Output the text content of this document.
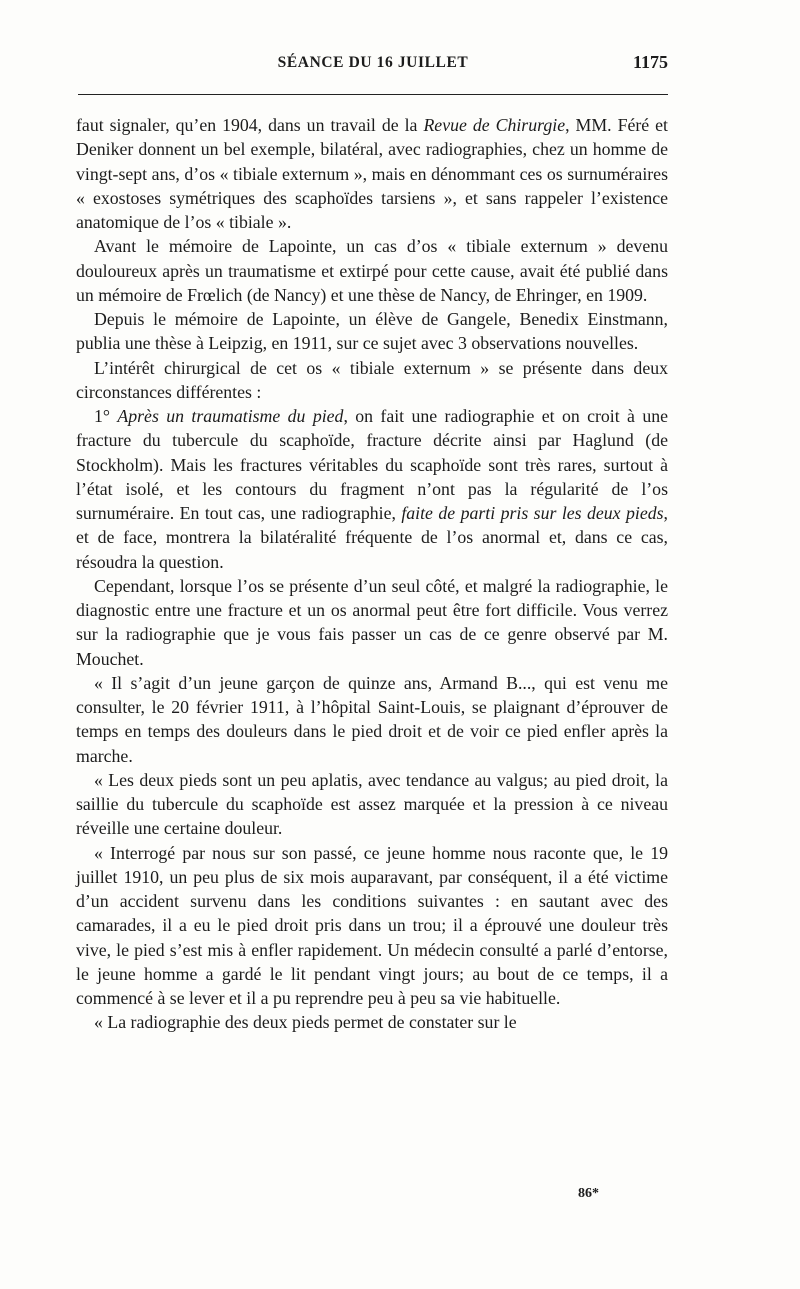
SÉANCE DU 16 JUILLET	1175

faut signaler, qu’en 1904, dans un travail de la Revue de Chirurgie, MM. Féré et Deniker donnent un bel exemple, bilatéral, avec radiographies, chez un homme de vingt-sept ans, d’os « tibiale externum », mais en dénommant ces os surnuméraires « exostoses symétriques des scaphoïdes tarsiens », et sans rappeler l’existence anatomique de l’os « tibiale ».

Avant le mémoire de Lapointe, un cas d’os « tibiale externum » devenu douloureux après un traumatisme et extirpé pour cette cause, avait été publié dans un mémoire de Frœlich (de Nancy) et une thèse de Nancy, de Ehringer, en 1909.

Depuis le mémoire de Lapointe, un élève de Gangele, Benedix Einstmann, publia une thèse à Leipzig, en 1911, sur ce sujet avec 3 observations nouvelles.

L’intérêt chirurgical de cet os « tibiale externum » se présente dans deux circonstances différentes :

1° Après un traumatisme du pied, on fait une radiographie et on croit à une fracture du tubercule du scaphoïde, fracture décrite ainsi par Haglund (de Stockholm). Mais les fractures véritables du scaphoïde sont très rares, surtout à l’état isolé, et les contours du fragment n’ont pas la régularité de l’os surnuméraire. En tout cas, une radiographie, faite de parti pris sur les deux pieds, et de face, montrera la bilatéralité fréquente de l’os anormal et, dans ce cas, résoudra la question.

Cependant, lorsque l’os se présente d’un seul côté, et malgré la radiographie, le diagnostic entre une fracture et un os anormal peut être fort difficile. Vous verrez sur la radiographie que je vous fais passer un cas de ce genre observé par M. Mouchet.

« Il s’agit d’un jeune garçon de quinze ans, Armand B..., qui est venu me consulter, le 20 février 1911, à l’hôpital Saint-Louis, se plaignant d’éprouver de temps en temps des douleurs dans le pied droit et de voir ce pied enfler après la marche.

« Les deux pieds sont un peu aplatis, avec tendance au valgus; au pied droit, la saillie du tubercule du scaphoïde est assez marquée et la pression à ce niveau réveille une certaine douleur.

« Interrogé par nous sur son passé, ce jeune homme nous raconte que, le 19 juillet 1910, un peu plus de six mois auparavant, par conséquent, il a été victime d’un accident survenu dans les conditions suivantes : en sautant avec des camarades, il a eu le pied droit pris dans un trou; il a éprouvé une douleur très vive, le pied s’est mis à enfler rapidement. Un médecin consulté a parlé d’entorse, le jeune homme a gardé le lit pendant vingt jours; au bout de ce temps, il a commencé à se lever et il a pu reprendre peu à peu sa vie habituelle.

« La radiographie des deux pieds permet de constater sur le

86*
